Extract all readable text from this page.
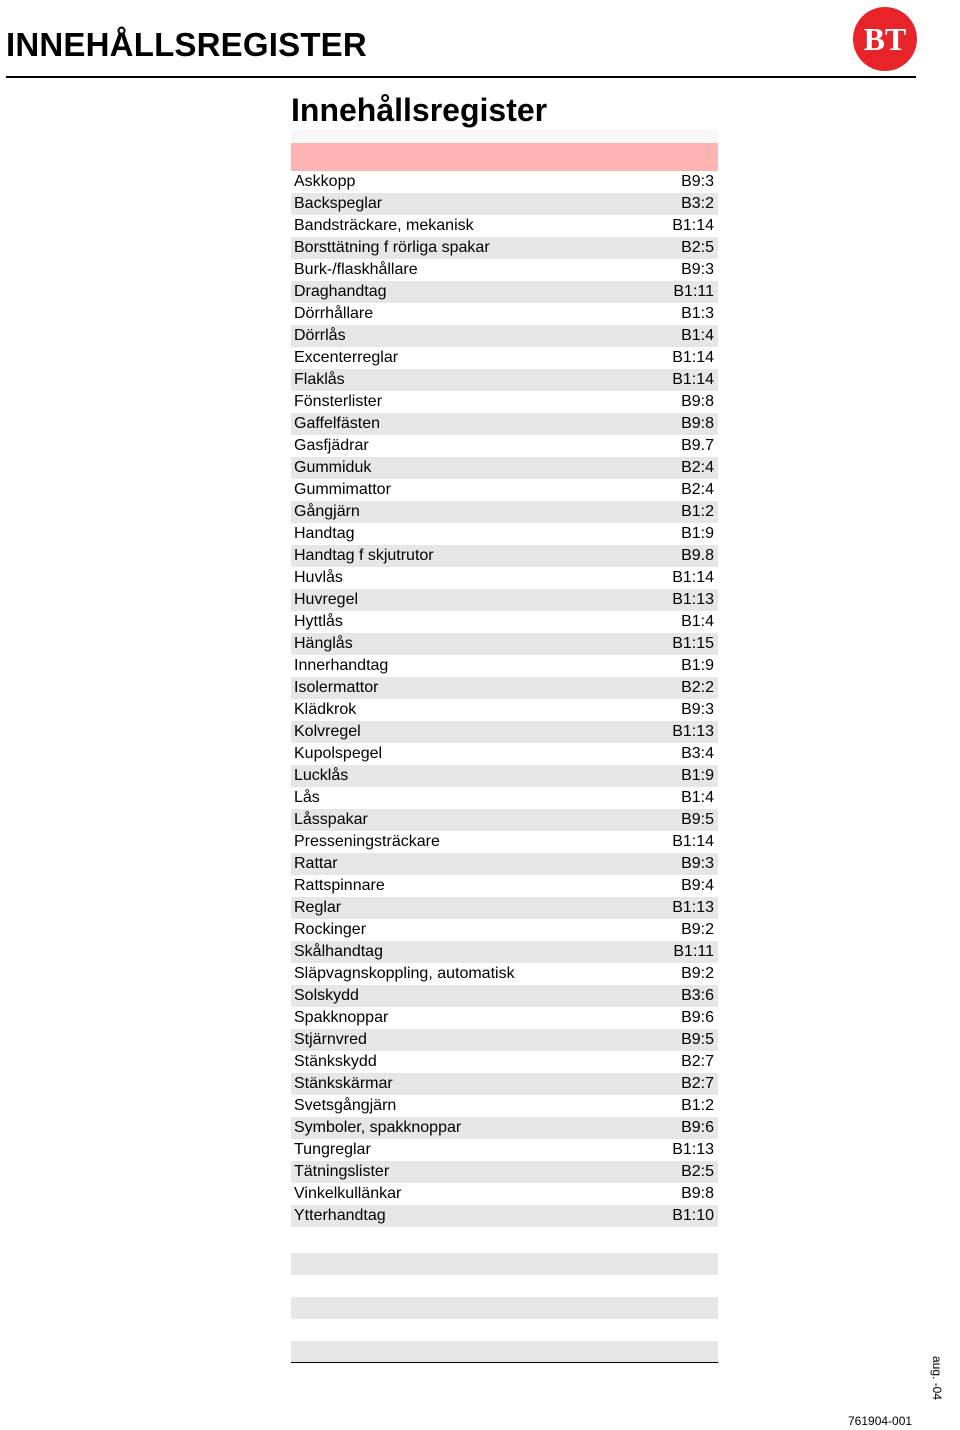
INNEHÅLLSREGISTER	BT
Innehållsregister
Askkopp	B9:3
Backspeglar	B3:2
Bandsträckare, mekanisk	B1:14
Borsttätning f rörliga spakar	B2:5
Burk-/flaskhållare	B9:3
Draghandtag	B1:11
Dörrhållare	B1:3
Dörrlås	B1:4
Excenterreglar	B1:14
Flaklås	B1:14
Fönsterlister	B9:8
Gaffelfästen	B9:8
Gasfjädrar	B9.7
Gummiduk	B2:4
Gummimattor	B2:4
Gångjärn	B1:2
Handtag	B1:9
Handtag f skjutrutor	B9.8
Huvlås	B1:14
Huvregel	B1:13
Hyttlås	B1:4
Hänglås	B1:15
Innerhandtag	B1:9
Isolermattor	B2:2
Klädkrok	B9:3
Kolvregel	B1:13
Kupolspegel	B3:4
Lucklås	B1:9
Lås	B1:4
Låsspakar	B9:5
Presseningsträckare	B1:14
Rattar	B9:3
Rattspinnare	B9:4
Reglar	B1:13
Rockinger	B9:2
Skålhandtag	B1:11
Släpvagnskoppling, automatisk	B9:2
Solskydd	B3:6
Spakknoppar	B9:6
Stjärnvred	B9:5
Stänkskydd	B2:7
Stänkskärmar	B2:7
Svetsgångjärn	B1:2
Symboler, spakknoppar	B9:6
Tungreglar	B1:13
Tätningslister	B2:5
Vinkelkullänkar	B9:8
Ytterhandtag	B1:10
aug. -04
761904-001
